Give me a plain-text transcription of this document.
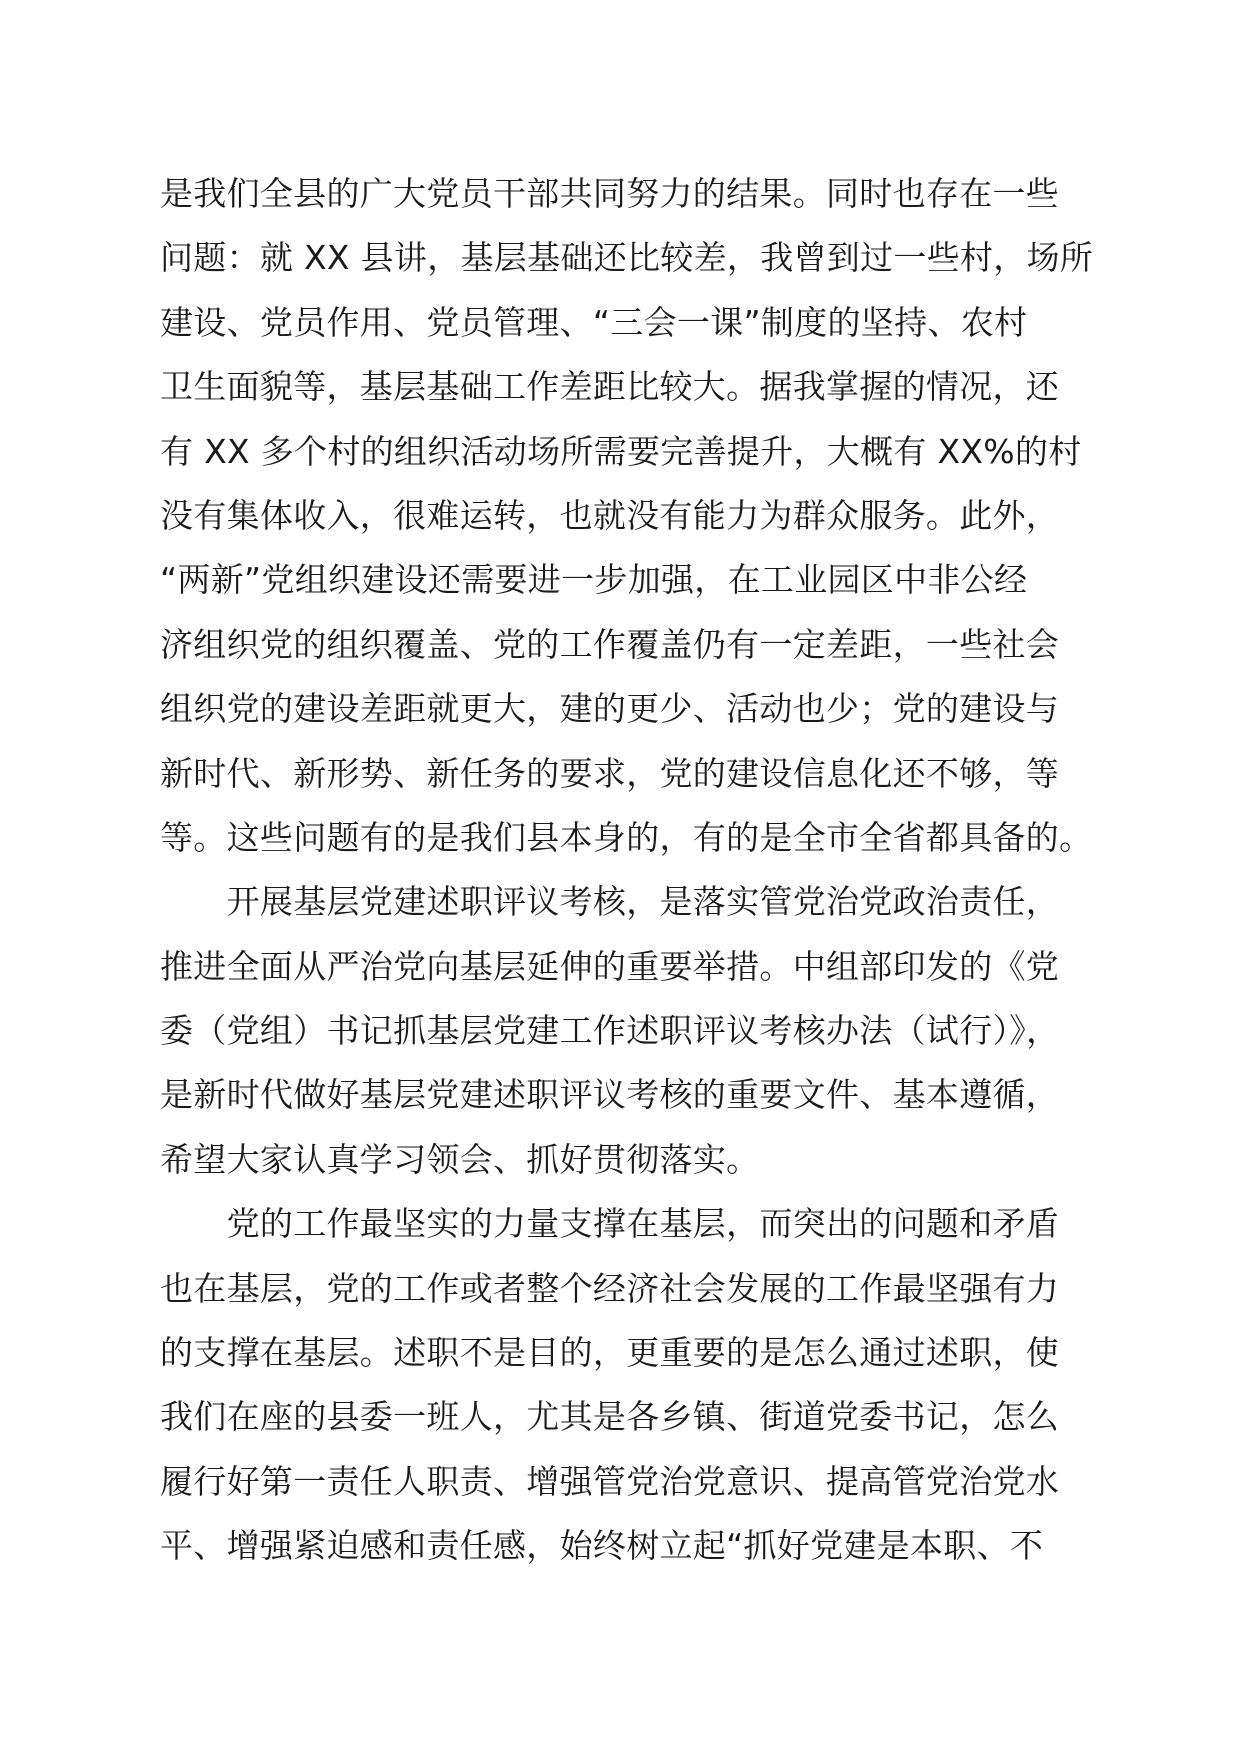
是我们全县的广大党员干部共同努力的结果。同时也存在一些
问题：就 XX 县讲，基层基础还比较差，我曾到过一些村，场所
建设、党员作用、党员管理、“三会一课”制度的坚持、农村
卫生面貌等，基层基础工作差距比较大。据我掌握的情况，还
有 XX 多个村的组织活动场所需要完善提升，大概有 XX%的村
没有集体收入，很难运转，也就没有能力为群众服务。此外，
“两新”党组织建设还需要进一步加强，在工业园区中非公经
济组织党的组织覆盖、党的工作覆盖仍有一定差距，一些社会
组织党的建设差距就更大，建的更少、活动也少；党的建设与
新时代、新形势、新任务的要求，党的建设信息化还不够，等
等。这些问题有的是我们县本身的，有的是全市全省都具备的。
　　开展基层党建述职评议考核，是落实管党治党政治责任，
推进全面从严治党向基层延伸的重要举措。中组部印发的《党
委（党组）书记抓基层党建工作述职评议考核办法（试行）》，
是新时代做好基层党建述职评议考核的重要文件、基本遵循，
希望大家认真学习领会、抓好贯彻落实。
　　党的工作最坚实的力量支撑在基层，而突出的问题和矛盾
也在基层，党的工作或者整个经济社会发展的工作最坚强有力
的支撑在基层。述职不是目的，更重要的是怎么通过述职，使
我们在座的县委一班人，尤其是各乡镇、街道党委书记，怎么
履行好第一责任人职责、增强管党治党意识、提高管党治党水
平、增强紧迫感和责任感，始终树立起“抓好党建是本职、不
